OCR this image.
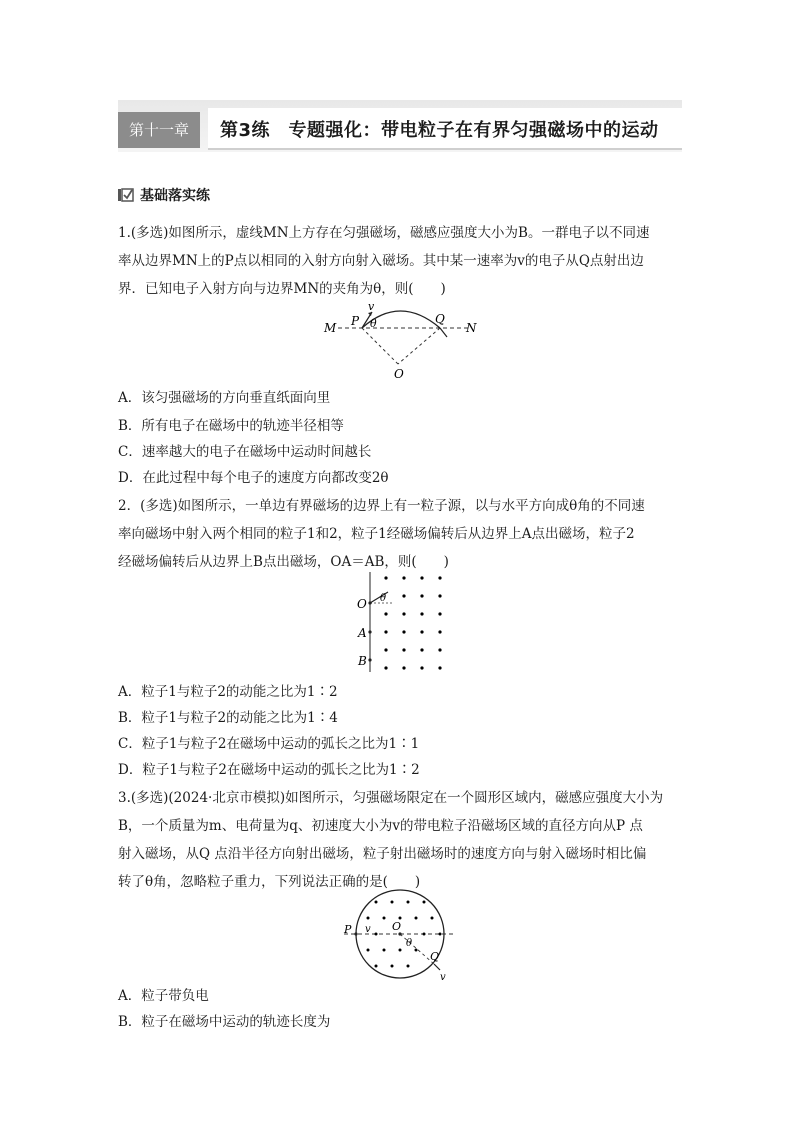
第十一章	第3练　专题强化：带电粒子在有界匀强磁场中的运动
基础落实练
1.(多选)如图所示，虚线MN上方存在匀强磁场，磁感应强度大小为B。一群电子以不同速
率从边界MN上的P点以相同的入射方向射入磁场。其中某一速率为v的电子从Q点射出边
界．已知电子入射方向与边界MN的夹角为θ，则(　　)
M P
v
θ	Q
N
O
A．该匀强磁场的方向垂直纸面向里
B．所有电子在磁场中的轨迹半径相等
C．速率越大的电子在磁场中运动时间越长
D．在此过程中每个电子的速度方向都改变2θ
2．(多选)如图所示，一单边有界磁场的边界上有一粒子源，以与水平方向成θ角的不同速
率向磁场中射入两个相同的粒子1和2，粒子1经磁场偏转后从边界上A点出磁场，粒子2
经磁场偏转后从边界上B点出磁场，OA＝AB，则(　　)
O θ
A
B
A．粒子1与粒子2的动能之比为1∶2
B．粒子1与粒子2的动能之比为1∶4
C．粒子1与粒子2在磁场中运动的弧长之比为1∶1
D．粒子1与粒子2在磁场中运动的弧长之比为1∶2
3.(多选)(2024·北京市模拟)如图所示，匀强磁场限定在一个圆形区域内，磁感应强度大小为
B，一个质量为m、电荷量为q、初速度大小为v的带电粒子沿磁场区域的直径方向从P 点
射入磁场，从Q 点沿半径方向射出磁场，粒子射出磁场时的速度方向与射入磁场时相比偏
转了θ角，忽略粒子重力，下列说法正确的是(　　)
P v O
θ
Q
v
A．粒子带负电
B．粒子在磁场中运动的轨迹长度为
